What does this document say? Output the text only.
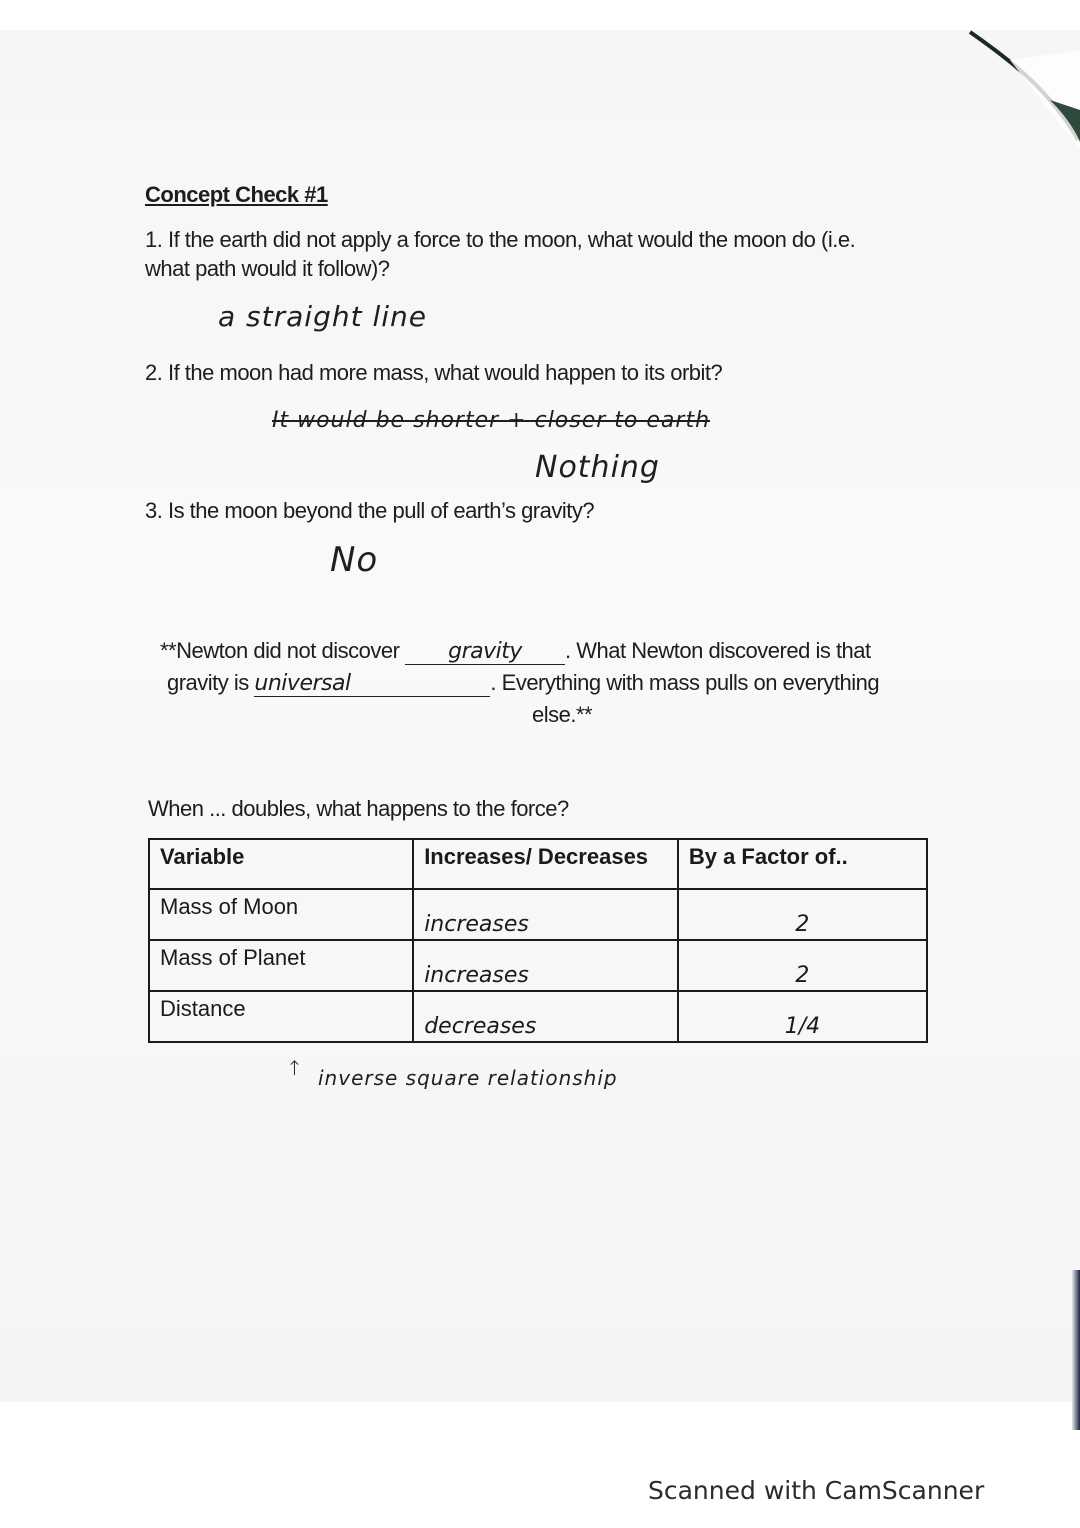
Concept Check #1
1. If the earth did not apply a force to the moon, what would the moon do (i.e.
what path would it follow)?
a straight line
2. If the moon had more mass, what would happen to its orbit?
It would be shorter + closer to earth
Nothing
3. Is the moon beyond the pull of earth’s gravity?
No
**Newton did not discover gravity . What Newton discovered is that
gravity is universal	. Everything with mass pulls on everything
else.**
When ... doubles, what happens to the force?
Variable	Increases/ Decreases	By a Factor of..
Mass of Moon	increases	2
Mass of Planet	increases	2
Distance	decreases	1/4
↑ inverse square relationship
Scanned with CamScanner
